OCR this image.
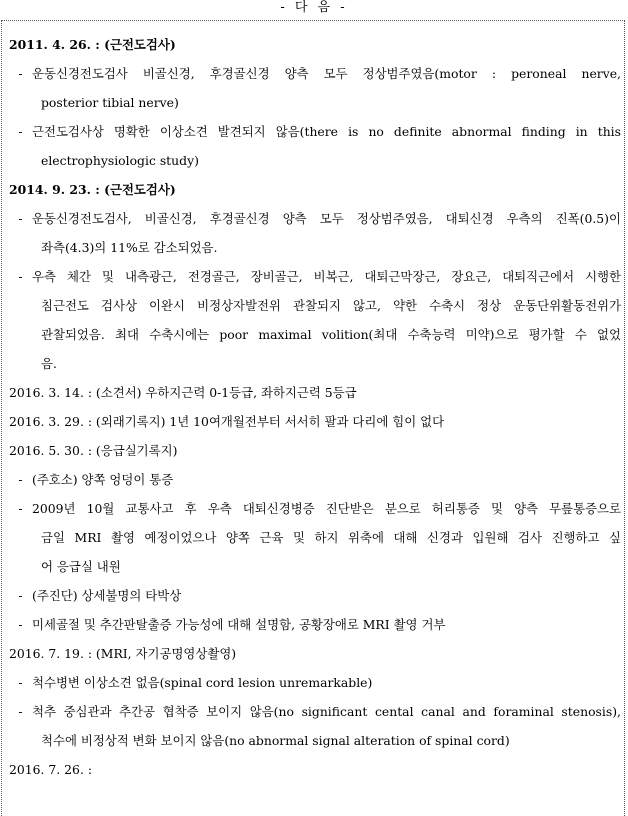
- 다 음 -
2011. 4. 26. : (근전도검사)
- 운동신경전도검사 비골신경, 후경골신경 양측 모두 정상범주였음(motor : peroneal nerve,
posterior tibial nerve)
- 근전도검사상 명확한 이상소견 발견되지 않음(there is no definite abnormal finding in this
electrophysiologic study)
2014. 9. 23. : (근전도검사)
- 운동신경전도검사, 비골신경, 후경골신경 양측 모두 정상범주였음, 대퇴신경 우측의 진폭(0.5)이
좌측(4.3)의 11%로 감소되었음.
- 우측 체간 및 내측광근, 전경골근, 장비골근, 비복근, 대퇴근막장근, 장요근, 대퇴직근에서 시행한
침근전도 검사상 이완시 비정상자발전위 관찰되지 않고, 약한 수축시 정상 운동단위활동전위가
관찰되었음. 최대 수축시에는 poor maximal volition(최대 수축능력 미약)으로 평가할 수 없었
음.
2016. 3. 14. : (소견서) 우하지근력 0-1등급, 좌하지근력 5등급
2016. 3. 29. : (외래기록지) 1년 10여개월전부터 서서히 팔과 다리에 힘이 없다
2016. 5. 30. : (응급실기록지)
- (주호소) 양쪽 엉덩이 통증
- 2009년 10월 교통사고 후 우측 대퇴신경병증 진단받은 분으로 허리통증 및 양측 무릎통증으로
금일 MRI 촬영 예정이었으나 양쪽 근육 및 하지 위축에 대해 신경과 입원해 검사 진행하고 싶
어 응급실 내원
- (주진단) 상세불명의 타박상
- 미세골절 및 추간판탈출증 가능성에 대해 설명함, 공황장애로 MRI 촬영 거부
2016. 7. 19. : (MRI, 자기공명영상촬영)
- 척수병변 이상소견 없음(spinal cord lesion unremarkable)
- 척추 중심관과 추간공 협착증 보이지 않음(no significant cental canal and foraminal stenosis),
척수에 비정상적 변화 보이지 않음(no abnormal signal alteration of spinal cord)
2016. 7. 26. :
